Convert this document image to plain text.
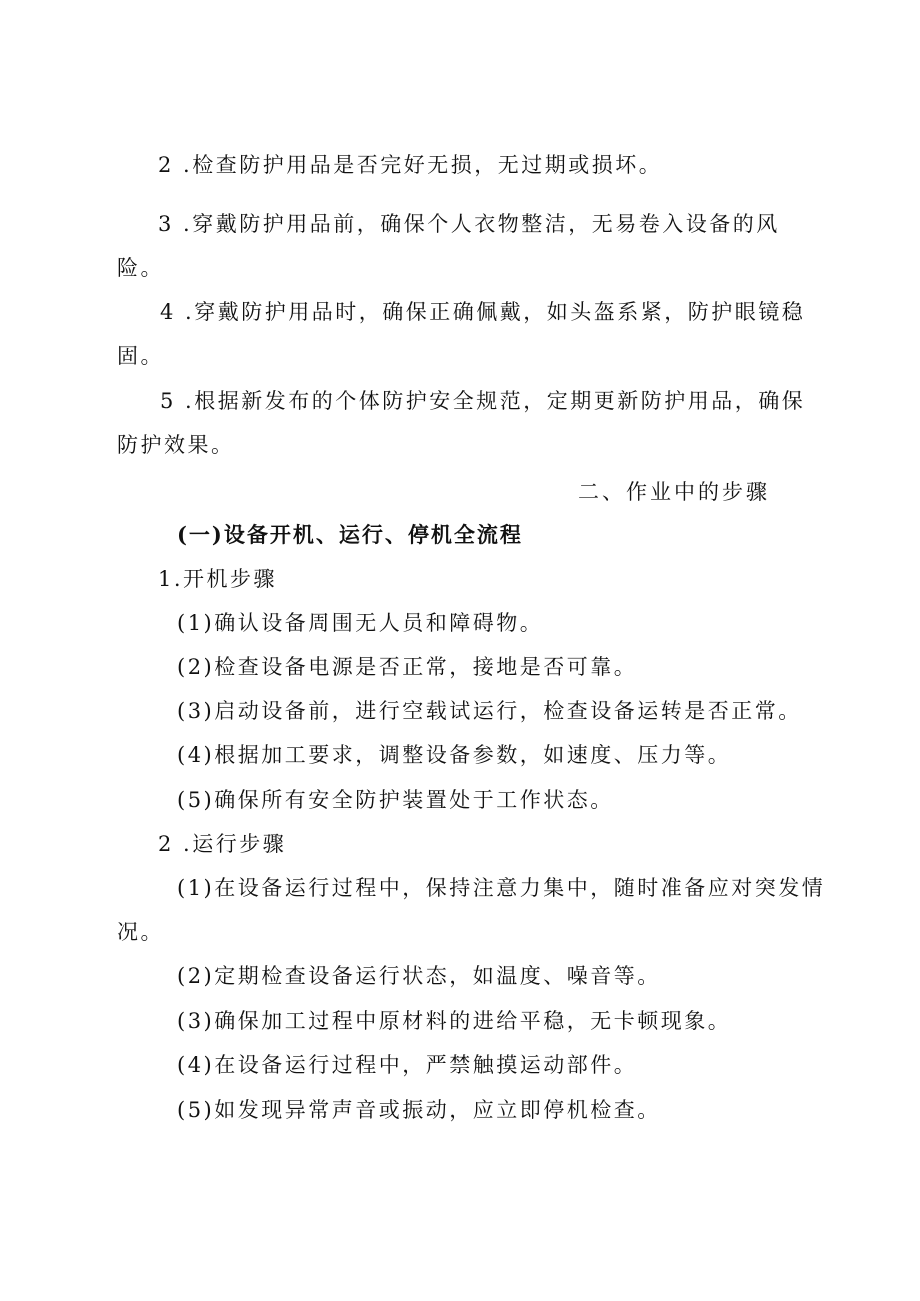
2 .检查防护用品是否完好无损，无过期或损坏。
3 .穿戴防护用品前，确保个人衣物整洁，无易卷入设备的风
险。
4 .穿戴防护用品时，确保正确佩戴，如头盔系紧，防护眼镜稳
固。
5 .根据新发布的个体防护安全规范，定期更新防护用品，确保
防护效果。
二、作业中的步骤
(一)设备开机、运行、停机全流程
1.开机步骤
(1)确认设备周围无人员和障碍物。
(2)检查设备电源是否正常，接地是否可靠。
(3)启动设备前，进行空载试运行，检查设备运转是否正常。
(4)根据加工要求，调整设备参数，如速度、压力等。
(5)确保所有安全防护装置处于工作状态。
2 .运行步骤
(1)在设备运行过程中，保持注意力集中，随时准备应对突发情
况。
(2)定期检查设备运行状态，如温度、噪音等。
(3)确保加工过程中原材料的进给平稳，无卡顿现象。
(4)在设备运行过程中，严禁触摸运动部件。
(5)如发现异常声音或振动，应立即停机检查。
